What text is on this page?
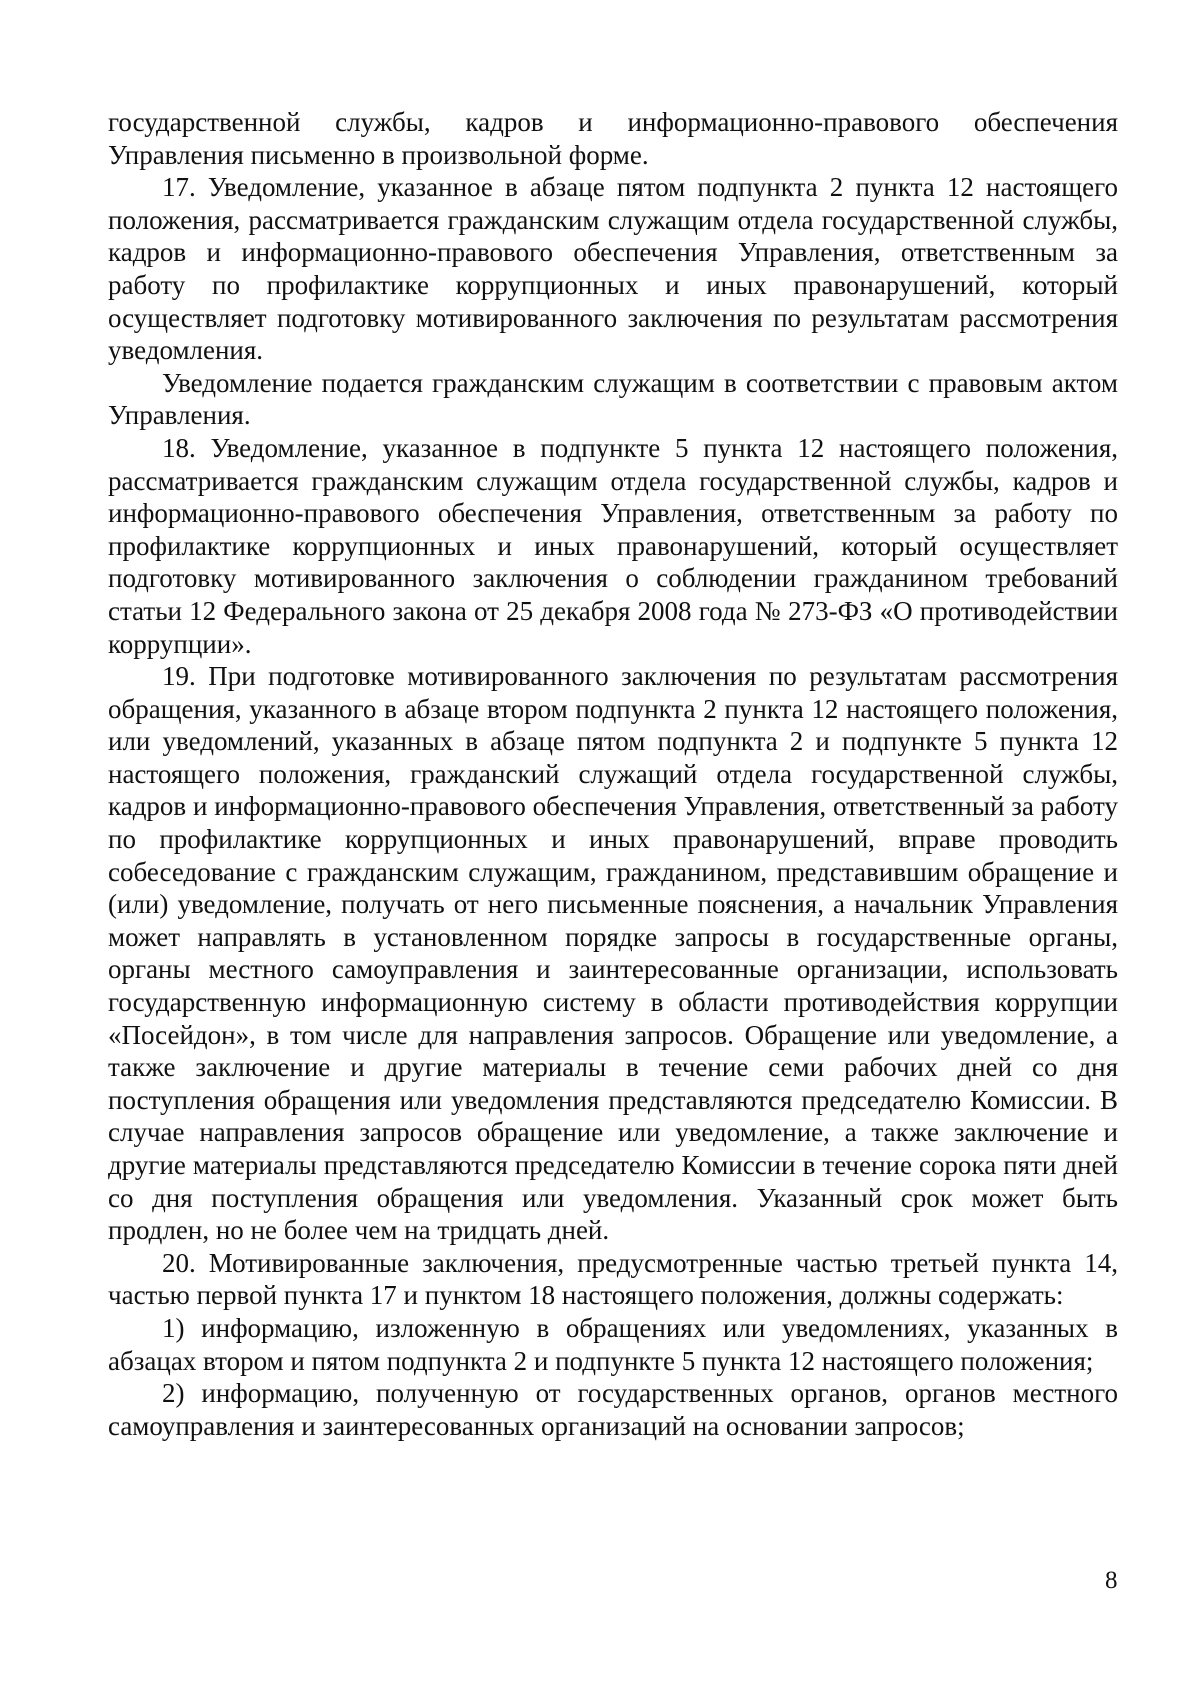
государственной службы, кадров и информационно-правового обеспечения Управления письменно в произвольной форме.

17. Уведомление, указанное в абзаце пятом подпункта 2 пункта 12 настоящего положения, рассматривается гражданским служащим отдела государственной службы, кадров и информационно-правового обеспечения Управления, ответственным за работу по профилактике коррупционных и иных правонарушений, который осуществляет подготовку мотивированного заключения по результатам рассмотрения уведомления.

Уведомление подается гражданским служащим в соответствии с правовым актом Управления.

18. Уведомление, указанное в подпункте 5 пункта 12 настоящего положения, рассматривается гражданским служащим отдела государственной службы, кадров и информационно-правового обеспечения Управления, ответственным за работу по профилактике коррупционных и иных правонарушений, который осуществляет подготовку мотивированного заключения о соблюдении гражданином требований статьи 12 Федерального закона от 25 декабря 2008 года № 273-ФЗ «О противодействии коррупции».

19. При подготовке мотивированного заключения по результатам рассмотрения обращения, указанного в абзаце втором подпункта 2 пункта 12 настоящего положения, или уведомлений, указанных в абзаце пятом подпункта 2 и подпункте 5 пункта 12 настоящего положения, гражданский служащий отдела государственной службы, кадров и информационно-правового обеспечения Управления, ответственный за работу по профилактике коррупционных и иных правонарушений, вправе проводить собеседование с гражданским служащим, гражданином, представившим обращение и (или) уведомление, получать от него письменные пояснения, а начальник Управления может направлять в установленном порядке запросы в государственные органы, органы местного самоуправления и заинтересованные организации, использовать государственную информационную систему в области противодействия коррупции «Посейдон», в том числе для направления запросов. Обращение или уведомление, а также заключение и другие материалы в течение семи рабочих дней со дня поступления обращения или уведомления представляются председателю Комиссии. В случае направления запросов обращение или уведомление, а также заключение и другие материалы представляются председателю Комиссии в течение сорока пяти дней со дня поступления обращения или уведомления. Указанный срок может быть продлен, но не более чем на тридцать дней.

20. Мотивированные заключения, предусмотренные частью третьей пункта 14, частью первой пункта 17 и пунктом 18 настоящего положения, должны содержать:

1) информацию, изложенную в обращениях или уведомлениях, указанных в абзацах втором и пятом подпункта 2 и подпункте 5 пункта 12 настоящего положения;

2) информацию, полученную от государственных органов, органов местного самоуправления и заинтересованных организаций на основании запросов;

8
